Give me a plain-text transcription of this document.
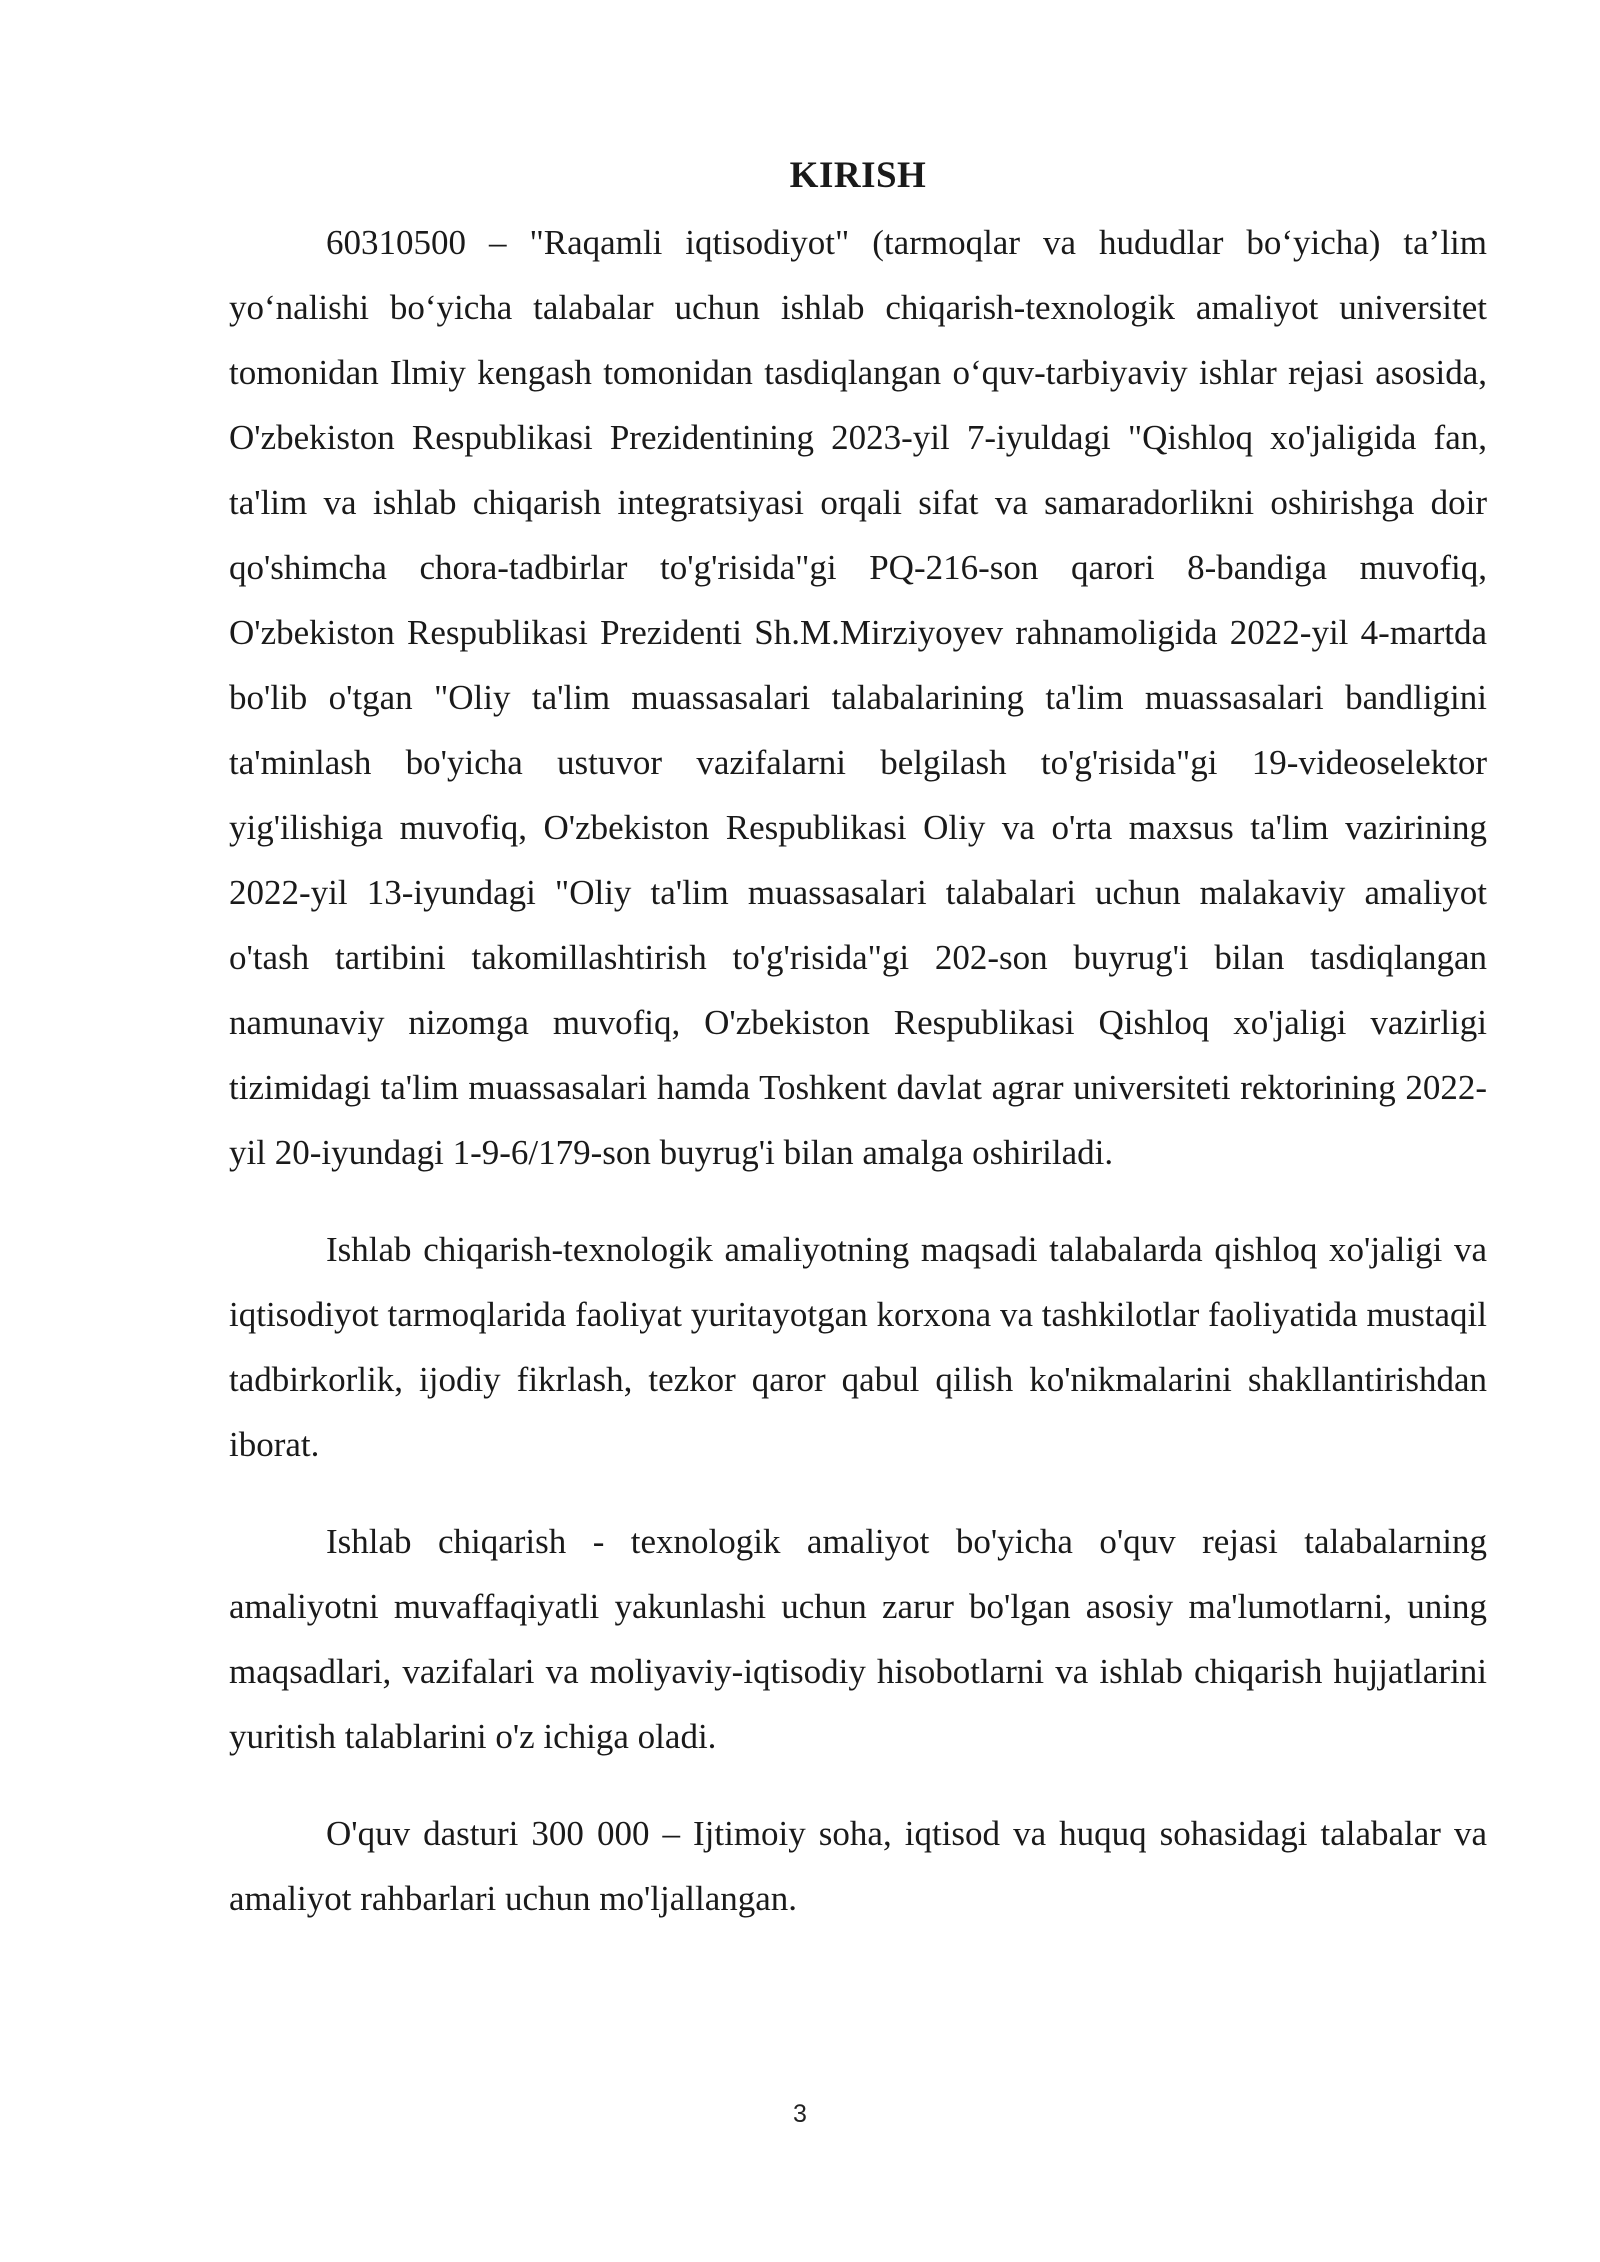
KIRISH

60310500 – "Raqamli iqtisodiyot" (tarmoqlar va hududlar bo‘yicha) ta’lim yo‘nalishi bo‘yicha talabalar uchun ishlab chiqarish-texnologik amaliyot universitet tomonidan Ilmiy kengash tomonidan tasdiqlangan o‘quv-tarbiyaviy ishlar rejasi asosida, O'zbekiston Respublikasi Prezidentining 2023-yil 7-iyuldagi "Qishloq xo'jaligida fan, ta'lim va ishlab chiqarish integratsiyasi orqali sifat va samaradorlikni oshirishga doir qo'shimcha chora-tadbirlar to'g'risida"gi PQ-216-son qarori 8-bandiga muvofiq, O'zbekiston Respublikasi Prezidenti Sh.M.Mirziyoyev rahnamoligida 2022-yil 4-martda bo'lib o'tgan "Oliy ta'lim muassasalari talabalarining ta'lim muassasalari bandligini ta'minlash bo'yicha ustuvor vazifalarni belgilash to'g'risida"gi 19-videoselektor yig'ilishiga muvofiq, O'zbekiston Respublikasi Oliy va o'rta maxsus ta'lim vazirining 2022-yil 13-iyundagi "Oliy ta'lim muassasalari talabalari uchun malakaviy amaliyot o'tash tartibini takomillashtirish to'g'risida"gi 202-son buyrug'i bilan tasdiqlangan namunaviy nizomga muvofiq, O'zbekiston Respublikasi Qishloq xo'jaligi vazirligi tizimidagi ta'lim muassasalari hamda Toshkent davlat agrar universiteti rektorining 2022-yil 20-iyundagi 1-9-6/179-son buyrug'i bilan amalga oshiriladi.

Ishlab chiqarish-texnologik amaliyotning maqsadi talabalarda qishloq xo'jaligi va iqtisodiyot tarmoqlarida faoliyat yuritayotgan korxona va tashkilotlar faoliyatida mustaqil tadbirkorlik, ijodiy fikrlash, tezkor qaror qabul qilish ko'nikmalarini shakllantirishdan iborat.

Ishlab chiqarish - texnologik amaliyot bo'yicha o'quv rejasi talabalarning amaliyotni muvaffaqiyatli yakunlashi uchun zarur bo'lgan asosiy ma'lumotlarni, uning maqsadlari, vazifalari va moliyaviy-iqtisodiy hisobotlarni va ishlab chiqarish hujjatlarini yuritish talablarini o'z ichiga oladi.

O'quv dasturi 300 000 – Ijtimoiy soha, iqtisod va huquq sohasidagi talabalar va amaliyot rahbarlari uchun mo'ljallangan.

3
